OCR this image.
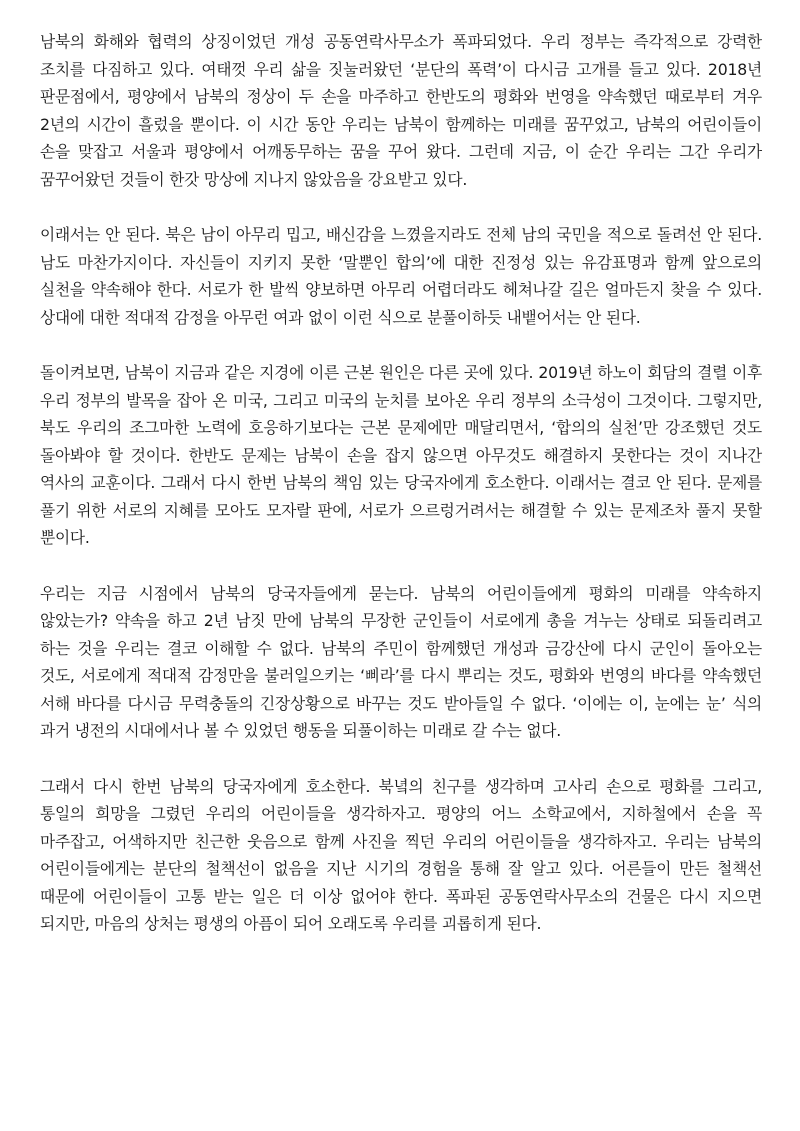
남북의 화해와 협력의 상징이었던 개성 공동연락사무소가 폭파되었다. 우리 정부는 즉각적으로 강력한 조치를 다짐하고 있다. 여태껏 우리 삶을 짓눌러왔던 ‘분단의 폭력’이 다시금 고개를 들고 있다. 2018년 판문점에서, 평양에서 남북의 정상이 두 손을 마주하고 한반도의 평화와 번영을 약속했던 때로부터 겨우 2년의 시간이 흘렀을 뿐이다. 이 시간 동안 우리는 남북이 함께하는 미래를 꿈꾸었고, 남북의 어린이들이 손을 맞잡고 서울과 평양에서 어깨동무하는 꿈을 꾸어 왔다. 그런데 지금, 이 순간 우리는 그간 우리가 꿈꾸어왔던 것들이 한갓 망상에 지나지 않았음을 강요받고 있다.

이래서는 안 된다. 북은 남이 아무리 밉고, 배신감을 느꼈을지라도 전체 남의 국민을 적으로 돌려선 안 된다. 남도 마찬가지이다. 자신들이 지키지 못한 ‘말뿐인 합의’에 대한 진정성 있는 유감표명과 함께 앞으로의 실천을 약속해야 한다. 서로가 한 발씩 양보하면 아무리 어렵더라도 헤쳐나갈 길은 얼마든지 찾을 수 있다. 상대에 대한 적대적 감정을 아무런 여과 없이 이런 식으로 분풀이하듯 내뱉어서는 안 된다.

돌이켜보면, 남북이 지금과 같은 지경에 이른 근본 원인은 다른 곳에 있다. 2019년 하노이 회담의 결렬 이후 우리 정부의 발목을 잡아 온 미국, 그리고 미국의 눈치를 보아온 우리 정부의 소극성이 그것이다. 그렇지만, 북도 우리의 조그마한 노력에 호응하기보다는 근본 문제에만 매달리면서, ‘합의의 실천’만 강조했던 것도 돌아봐야 할 것이다. 한반도 문제는 남북이 손을 잡지 않으면 아무것도 해결하지 못한다는 것이 지나간 역사의 교훈이다. 그래서 다시 한번 남북의 책임 있는 당국자에게 호소한다. 이래서는 결코 안 된다. 문제를 풀기 위한 서로의 지혜를 모아도 모자랄 판에, 서로가 으르렁거려서는 해결할 수 있는 문제조차 풀지 못할 뿐이다.

우리는 지금 시점에서 남북의 당국자들에게 묻는다. 남북의 어린이들에게 평화의 미래를 약속하지 않았는가? 약속을 하고 2년 남짓 만에 남북의 무장한 군인들이 서로에게 총을 겨누는 상태로 되돌리려고 하는 것을 우리는 결코 이해할 수 없다. 남북의 주민이 함께했던 개성과 금강산에 다시 군인이 돌아오는 것도, 서로에게 적대적 감정만을 불러일으키는 ‘삐라’를 다시 뿌리는 것도, 평화와 번영의 바다를 약속했던 서해 바다를 다시금 무력충돌의 긴장상황으로 바꾸는 것도 받아들일 수 없다. ‘이에는 이, 눈에는 눈’ 식의 과거 냉전의 시대에서나 볼 수 있었던 행동을 되풀이하는 미래로 갈 수는 없다.

그래서 다시 한번 남북의 당국자에게 호소한다. 북녘의 친구를 생각하며 고사리 손으로 평화를 그리고, 통일의 희망을 그렸던 우리의 어린이들을 생각하자고. 평양의 어느 소학교에서, 지하철에서 손을 꼭 마주잡고, 어색하지만 친근한 웃음으로 함께 사진을 찍던 우리의 어린이들을 생각하자고. 우리는 남북의 어린이들에게는 분단의 철책선이 없음을 지난 시기의 경험을 통해 잘 알고 있다. 어른들이 만든 철책선 때문에 어린이들이 고통 받는 일은 더 이상 없어야 한다. 폭파된 공동연락사무소의 건물은 다시 지으면 되지만, 마음의 상처는 평생의 아픔이 되어 오래도록 우리를 괴롭히게 된다.
